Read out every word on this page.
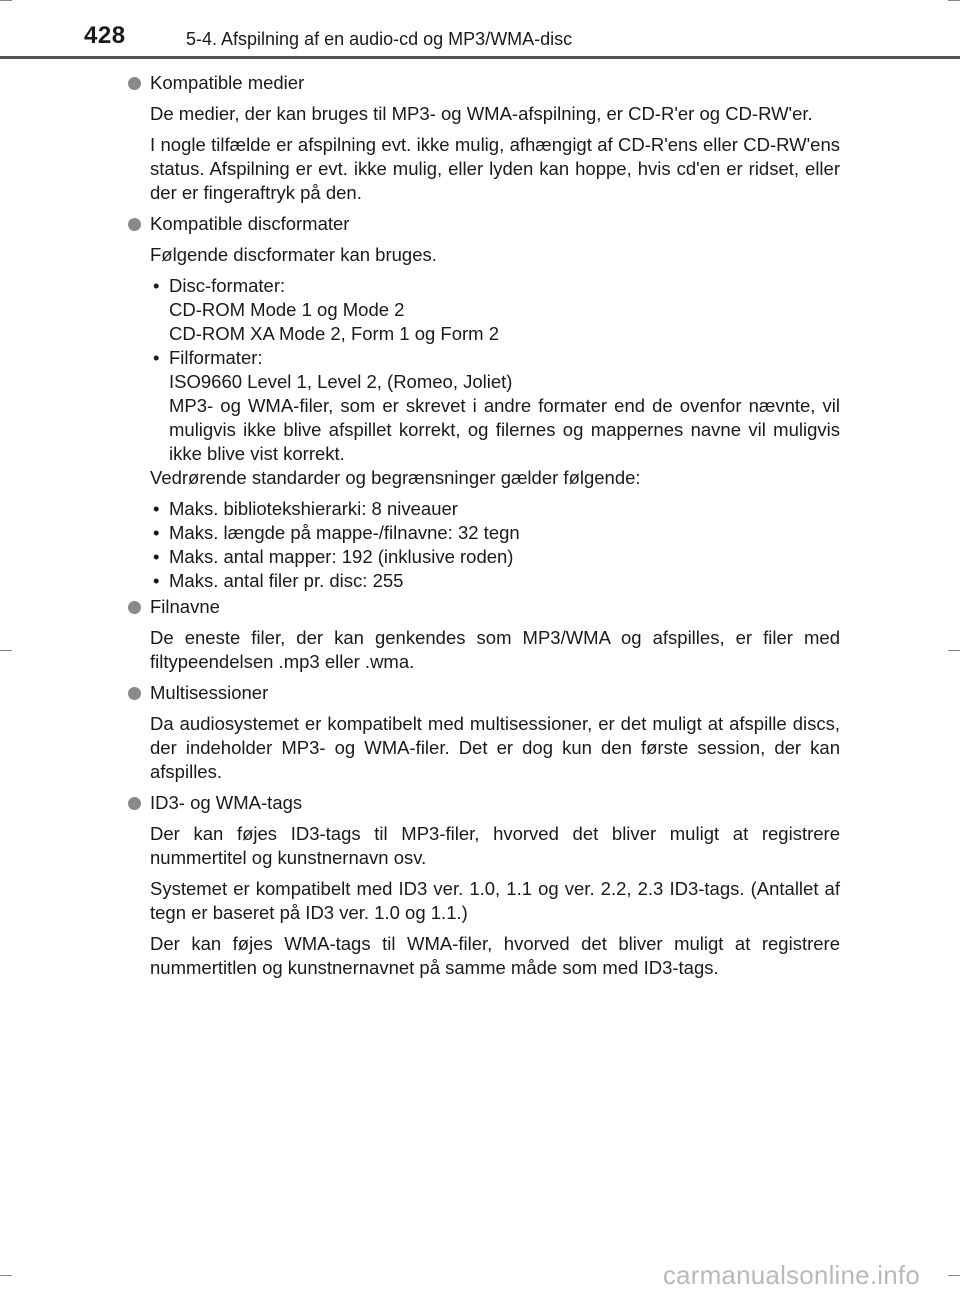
428	5-4. Afspilning af en audio-cd og MP3/WMA-disc
Kompatible medier

De medier, der kan bruges til MP3- og WMA-afspilning, er CD-R'er og CD-RW'er.

I nogle tilfælde er afspilning evt. ikke mulig, afhængigt af CD-R'ens eller CD-RW'ens status. Afspilning er evt. ikke mulig, eller lyden kan hoppe, hvis cd'en er ridset, eller der er fingeraftryk på den.

Kompatible discformater

Følgende discformater kan bruges.

• Disc-formater:
CD-ROM Mode 1 og Mode 2
CD-ROM XA Mode 2, Form 1 og Form 2
• Filformater:
ISO9660 Level 1, Level 2, (Romeo, Joliet)
MP3- og WMA-filer, som er skrevet i andre formater end de ovenfor nævnte, vil muligvis ikke blive afspillet korrekt, og filernes og mappernes navne vil muligvis ikke blive vist korrekt.

Vedrørende standarder og begrænsninger gælder følgende:

• Maks. bibliotekshierarki: 8 niveauer
• Maks. længde på mappe-/filnavne: 32 tegn
• Maks. antal mapper: 192 (inklusive roden)
• Maks. antal filer pr. disc: 255
Filnavne

De eneste filer, der kan genkendes som MP3/WMA og afspilles, er filer med filtypeendelsen .mp3 eller .wma.

Multisessioner

Da audiosystemet er kompatibelt med multisessioner, er det muligt at afspille discs, der indeholder MP3- og WMA-filer. Det er dog kun den første session, der kan afspilles.

ID3- og WMA-tags

Der kan føjes ID3-tags til MP3-filer, hvorved det bliver muligt at registrere nummertitel og kunstnernavn osv.

Systemet er kompatibelt med ID3 ver. 1.0, 1.1 og ver. 2.2, 2.3 ID3-tags. (Antallet af tegn er baseret på ID3 ver. 1.0 og 1.1.)

Der kan føjes WMA-tags til WMA-filer, hvorved det bliver muligt at registrere nummertitlen og kunstnernavnet på samme måde som med ID3-tags.

carmanualsonline.info
